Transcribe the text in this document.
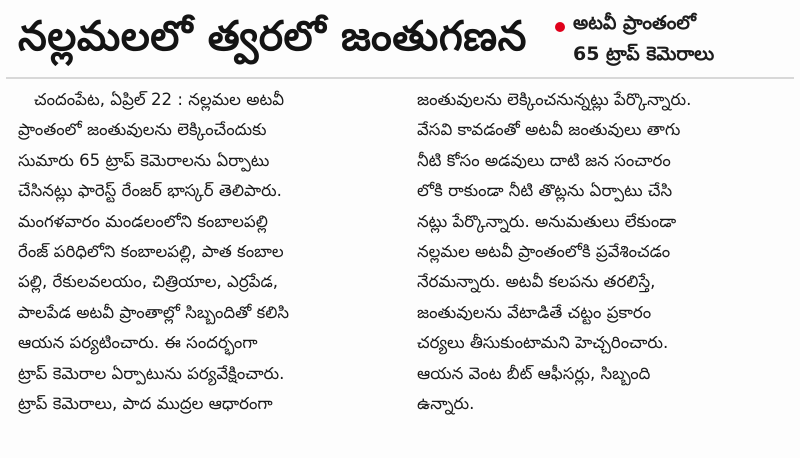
నల్లమలలో త్వరలో జంతుగణన అటవీ ప్రాంతంలో
65 ట్రాప్ కెమెరాలు
చందంపేట, ఏప్రిల్ 22 : నల్లమల అటవీ
ప్రాంతంలో జంతువులను లెక్కించేందుకు
సుమారు 65 ట్రాప్ కెమెరాలను ఏర్పాటు
చేసినట్లు ఫారెస్ట్ రేంజర్ భాస్కర్ తెలిపారు.
మంగళవారం మండలంలోని కంబాలపల్లి
రేంజ్ పరిధిలోని కంబాలపల్లి, పాత కంబాల
పల్లి, రేకులవలయం, చిత్రియాల, ఎర్రపేడ,
పాలపేడ అటవీ ప్రాంతాల్లో సిబ్బందితో కలిసి
ఆయన పర్యటించారు. ఈ సందర్భంగా
ట్రాప్ కెమెరాల ఏర్పాటును పర్యవేక్షించారు.
ట్రాప్ కెమెరాలు, పాద ముద్రల ఆధారంగా
జంతువులను లెక్కించనున్నట్లు పేర్కొన్నారు.
వేసవి కావడంతో అటవీ జంతువులు తాగు
నీటి కోసం అడవులు దాటి జన సంచారం
లోకి రాకుండా నీటి తొట్లను ఏర్పాటు చేసి
నట్లు పేర్కొన్నారు. అనుమతులు లేకుండా
నల్లమల అటవీ ప్రాంతంలోకి ప్రవేశించడం
నేరమన్నారు. అటవీ కలపను తరలిస్తే,
జంతువులను వేటాడితే చట్టం ప్రకారం
చర్యలు తీసుకుంటామని హెచ్చరించారు.
ఆయన వెంట బీట్ ఆఫీసర్లు, సిబ్బంది
ఉన్నారు.
